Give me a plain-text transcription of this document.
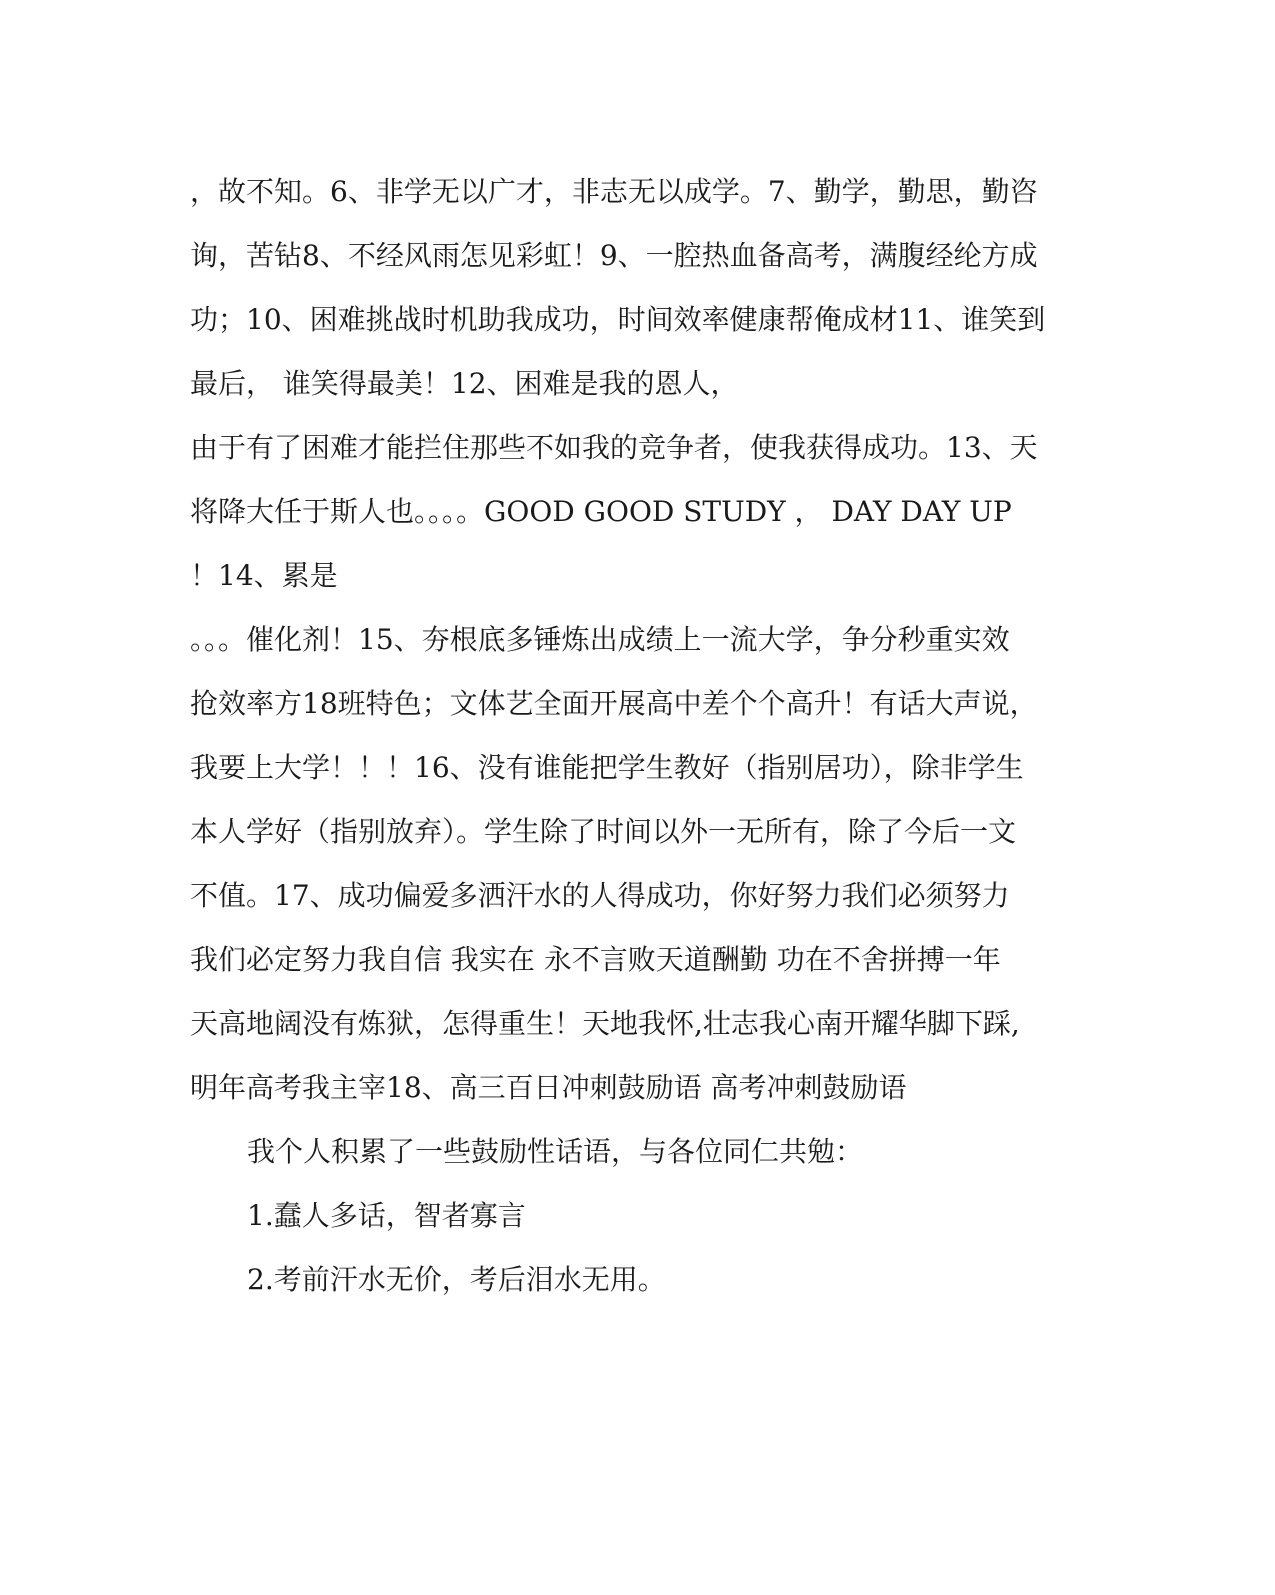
，故不知。6、非学无以广才，非志无以成学。7、勤学，勤思，勤咨
询，苦钻8、不经风雨怎见彩虹！9、一腔热血备高考，满腹经纶方成
功；10、困难挑战时机助我成功，时间效率健康帮俺成材11、谁笑到
最后， 谁笑得最美！12、困难是我的恩人，
由于有了困难才能拦住那些不如我的竞争者，使我获得成功。13、天
将降大任于斯人也。。。。GOOD GOOD STUDY ， DAY DAY UP
！14、累是
。。。催化剂！15、夯根底多锤炼出成绩上一流大学，争分秒重实效
抢效率方18班特色；文体艺全面开展高中差个个高升！有话大声说，
我要上大学！！！16、没有谁能把学生教好（指别居功），除非学生
本人学好（指别放弃）。学生除了时间以外一无所有，除了今后一文
不值。17、成功偏爱多洒汗水的人得成功，你好努力我们必须努力
我们必定努力我自信 我实在 永不言败天道酬勤 功在不舍拼搏一年
天高地阔没有炼狱，怎得重生！天地我怀,壮志我心南开耀华脚下踩,
明年高考我主宰18、高三百日冲刺鼓励语 高考冲刺鼓励语
我个人积累了一些鼓励性话语，与各位同仁共勉：
1.蠢人多话，智者寡言
2.考前汗水无价，考后泪水无用。
